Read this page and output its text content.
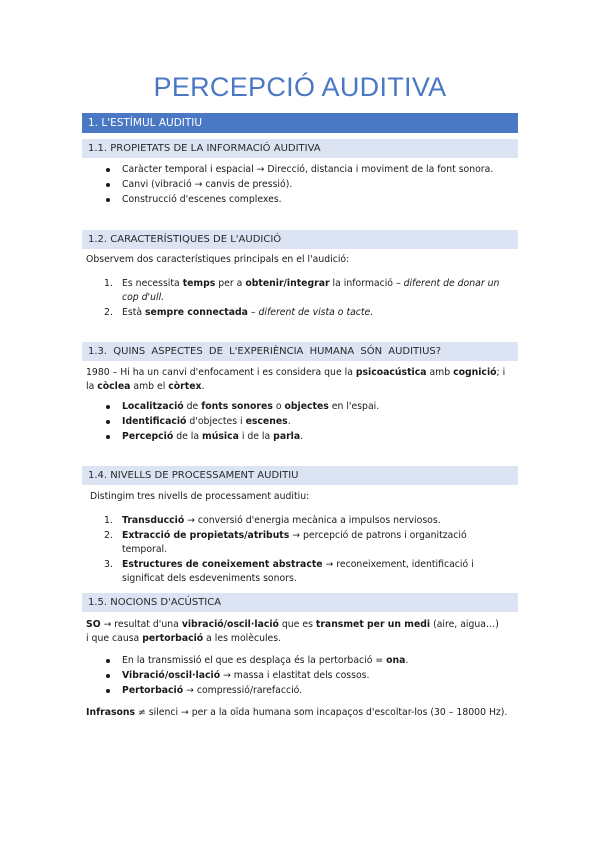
PERCEPCIÓ AUDITIVA
1. L'ESTÍMUL AUDITIU
1.1. PROPIETATS DE LA INFORMACIÓ AUDITIVA
Caràcter temporal i espacial → Direcció, distancia i moviment de la font sonora.
Canvi (vibració → canvis de pressió).
Construcció d'escenes complexes.
1.2. CARACTERÍSTIQUES DE L'AUDICIÓ

Observem dos característiques principals en el l'audició:

1. Es necessita temps per a obtenir/integrar la informació – diferent de donar un cop d'ull.
2. Està sempre connectada – diferent de vista o tacte.
1.3. QUINS ASPECTES DE L'EXPERIÈNCIA HUMANA SÓN AUDITIUS?

1980 – Hi ha un canvi d'enfocament i es considera que la psicoacústica amb cognició; i la còclea amb el còrtex.

Localització de fonts sonores o objectes en l'espai.
Identificació d'objectes i escenes.
Percepció de la música i de la parla.
1.4. NIVELLS DE PROCESSAMENT AUDITIU

Distingim tres nivells de processament auditiu:

1. Transducció → conversió d'energia mecànica a impulsos nerviosos.
2. Extracció de propietats/atributs → percepció de patrons i organització temporal.
3. Estructures de coneixement abstracte → reconeixement, identificació i significat dels esdeveniments sonors.
1.5. NOCIONS D'ACÚSTICA

SO → resultat d'una vibració/oscil·lació que es transmet per un medi (aire, aigua…) i que causa pertorbació a les molècules.

En la transmissió el que es desplaça és la pertorbació = ona.
Vibració/oscil·lació → massa i elastitat dels cossos.
Pertorbació → compressió/rarefacció.

Infrasons ≠ silenci → per a la oïda humana som incapaços d'escoltar-los (30 – 18000 Hz).
